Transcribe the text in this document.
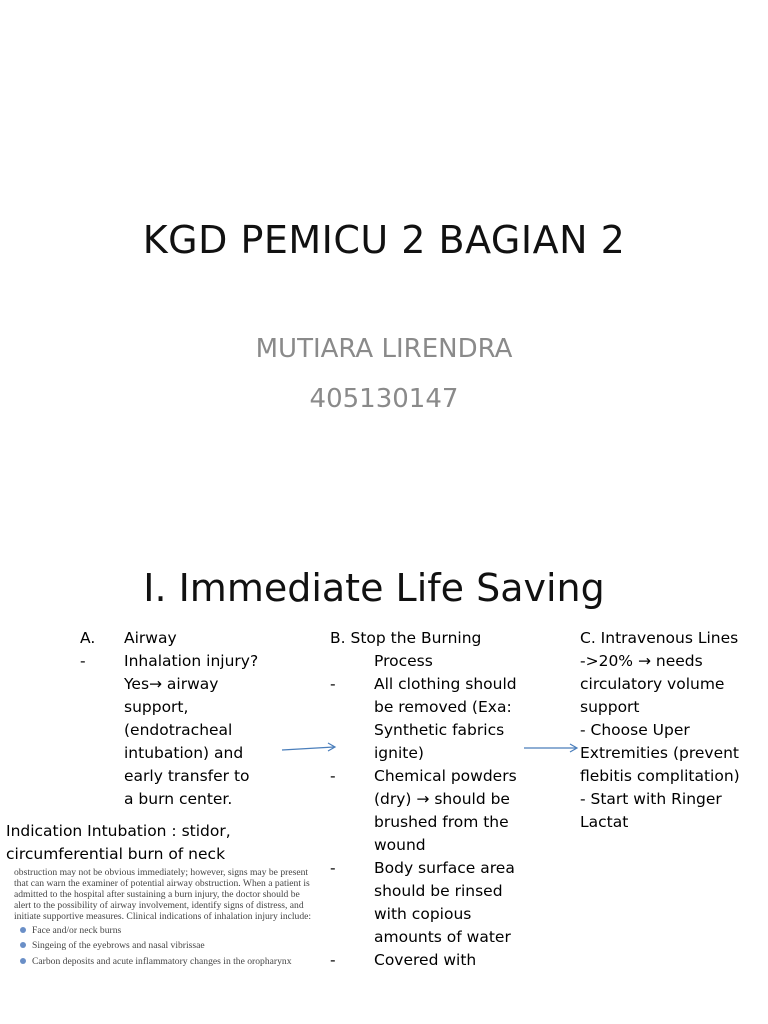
KGD PEMICU 2 BAGIAN 2
MUTIARA LIRENDRA
405130147
I. Immediate Life Saving
A.	Airway
-	Inhalation injury? Yes→ airway support, (endotracheal intubation) and early transfer to a burn center.
B. Stop the Burning
Process
-	All clothing should be removed (Exa: Synthetic fabrics ignite)
-	Chemical powders (dry) → should be brushed from the wound
-	Body surface area should be rinsed with copious amounts of water
-	Covered with
C. Intravenous Lines
->20% → needs circulatory volume support
- Choose Uper Extremities (prevent flebitis complitation)
- Start with Ringer Lactat
Indication Intubation : stidor, circumferential burn of neck

obstruction may not be obvious immediately; however, signs may be present that can warn the examiner of potential airway obstruction. When a patient is admitted to the hospital after sustaining a burn injury, the doctor should be alert to the possibility of airway involvement, identify signs of distress, and initiate supportive measures. Clinical indications of inhalation injury include:

Face and/or neck burns
Singeing of the eyebrows and nasal vibrissae
Carbon deposits and acute inflammatory changes in the oropharynx
